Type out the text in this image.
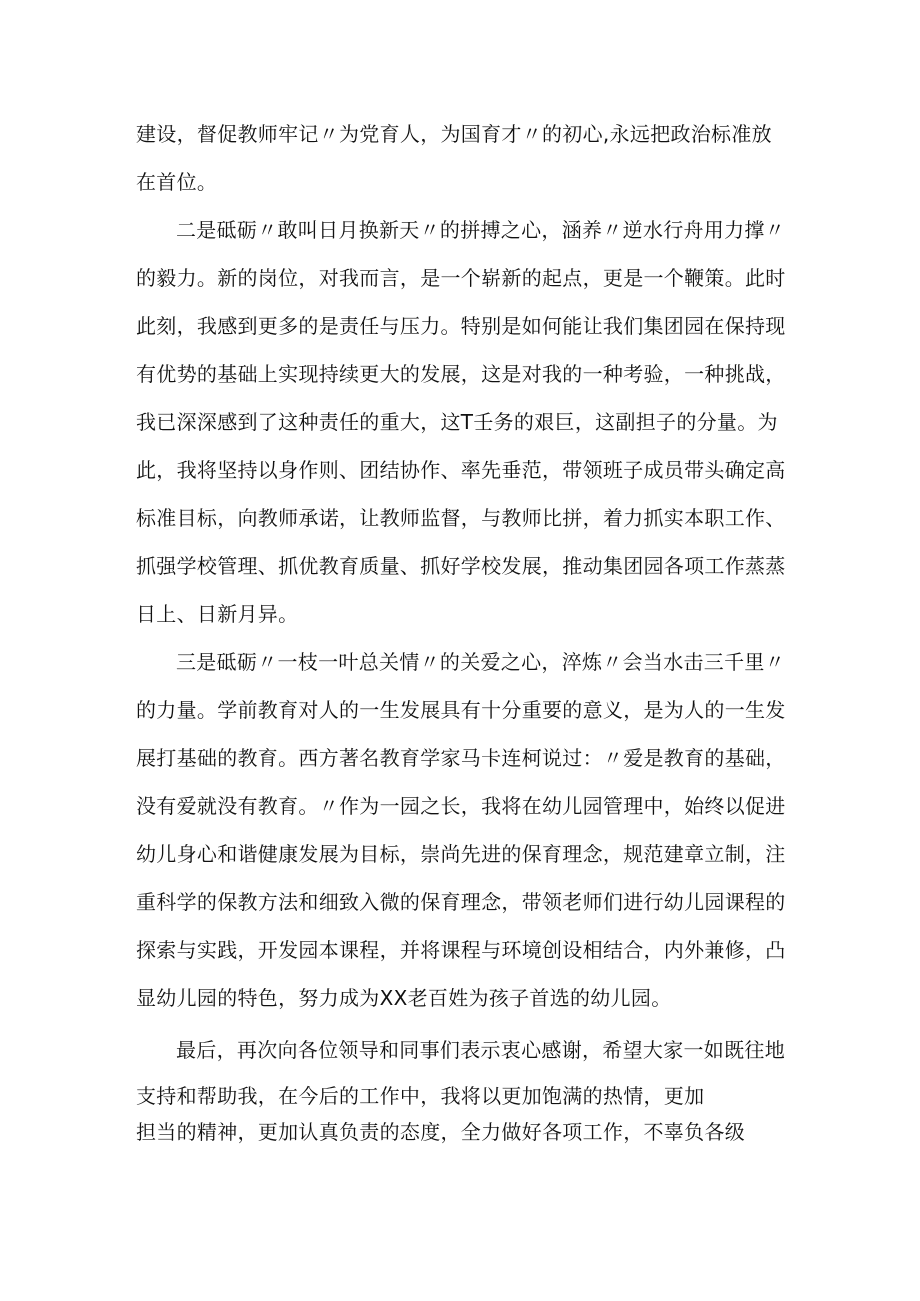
建设，督促教师牢记〃为党育人，为国育才〃的初心,永远把政治标准放
在首位。
二是砥砺〃敢叫日月换新天〃的拼搏之心，涵养〃逆水行舟用力撑〃
的毅力。新的岗位，对我而言，是一个崭新的起点，更是一个鞭策。此时
此刻，我感到更多的是责任与压力。特别是如何能让我们集团园在保持现
有优势的基础上实现持续更大的发展，这是对我的一种考验，一种挑战，
我已深深感到了这种责任的重大，这T壬务的艰巨，这副担子的分量。为
此，我将坚持以身作则、团结协作、率先垂范，带领班子成员带头确定高
标准目标，向教师承诺，让教师监督，与教师比拼，着力抓实本职工作、
抓强学校管理、抓优教育质量、抓好学校发展，推动集团园各项工作蒸蒸
日上、日新月异。
三是砥砺〃一枝一叶总关情〃的关爱之心，淬炼〃会当水击三千里〃
的力量。学前教育对人的一生发展具有十分重要的意义，是为人的一生发
展打基础的教育。西方著名教育学家马卡连柯说过：〃爱是教育的基础，
没有爱就没有教育。〃作为一园之长，我将在幼儿园管理中，始终以促进
幼儿身心和谐健康发展为目标，崇尚先进的保育理念，规范建章立制，注
重科学的保教方法和细致入微的保育理念，带领老师们进行幼儿园课程的
探索与实践，开发园本课程，并将课程与环境创设相结合，内外兼修，凸
显幼儿园的特色，努力成为XX老百姓为孩子首选的幼儿园。
最后，再次向各位领导和同事们表示衷心感谢，希望大家一如既往地
支持和帮助我，在今后的工作中，我将以更加饱满的热情，更加
担当的精神，更加认真负责的态度，全力做好各项工作，不辜负各级
